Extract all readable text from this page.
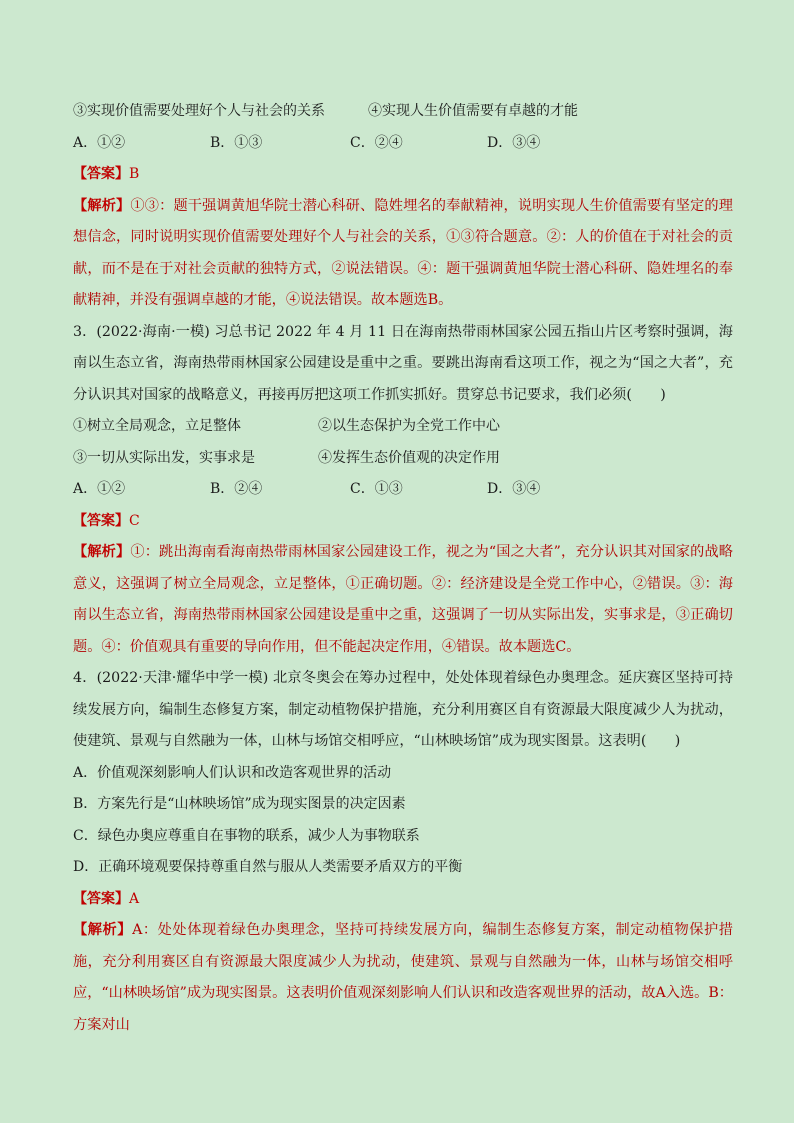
③实现价值需要处理好个人与社会的关系	④实现人生价值需要有卓越的才能
A．①②	B．①③	C．②④	D．③④
【答案】B
【解析】①③：题干强调黄旭华院士潜心科研、隐姓埋名的奉献精神，说明实现人生价值需要有坚定的理想信念，同时说明实现价值需要处理好个人与社会的关系，①③符合题意。②：人的价值在于对社会的贡献，而不是在于对社会贡献的独特方式，②说法错误。④：题干强调黄旭华院士潜心科研、隐姓埋名的奉献精神，并没有强调卓越的才能，④说法错误。故本题选B。
3．(2022·海南·一模) 习总书记 2022 年 4 月 11 日在海南热带雨林国家公园五指山片区考察时强调，海南以生态立省，海南热带雨林国家公园建设是重中之重。要跳出海南看这项工作，视之为“国之大者”，充分认识其对国家的战略意义，再接再厉把这项工作抓实抓好。贯穿总书记要求，我们必须(　　)
①树立全局观念，立足整体	②以生态保护为全党工作中心
③一切从实际出发，实事求是	④发挥生态价值观的决定作用
A．①②	B．②④	C．①③	D．③④
【答案】C
【解析】①：跳出海南看海南热带雨林国家公园建设工作，视之为“国之大者”，充分认识其对国家的战略意义，这强调了树立全局观念，立足整体，①正确切题。②：经济建设是全党工作中心，②错误。③：海南以生态立省，海南热带雨林国家公园建设是重中之重，这强调了一切从实际出发，实事求是，③正确切题。④：价值观具有重要的导向作用，但不能起决定作用，④错误。故本题选C。
4．(2022·天津·耀华中学一模) 北京冬奥会在筹办过程中，处处体现着绿色办奥理念。延庆赛区坚持可持续发展方向，编制生态修复方案，制定动植物保护措施，充分利用赛区自有资源最大限度减少人为扰动，使建筑、景观与自然融为一体，山林与场馆交相呼应，“山林映场馆”成为现实图景。这表明(　　)
A．价值观深刻影响人们认识和改造客观世界的活动
B．方案先行是“山林映场馆”成为现实图景的决定因素
C．绿色办奥应尊重自在事物的联系，减少人为事物联系
D．正确环境观要保持尊重自然与服从人类需要矛盾双方的平衡
【答案】A
【解析】A：处处体现着绿色办奥理念，坚持可持续发展方向，编制生态修复方案，制定动植物保护措施，充分利用赛区自有资源最大限度减少人为扰动，使建筑、景观与自然融为一体，山林与场馆交相呼应，“山林映场馆”成为现实图景。这表明价值观深刻影响人们认识和改造客观世界的活动，故A入选。B：方案对山
